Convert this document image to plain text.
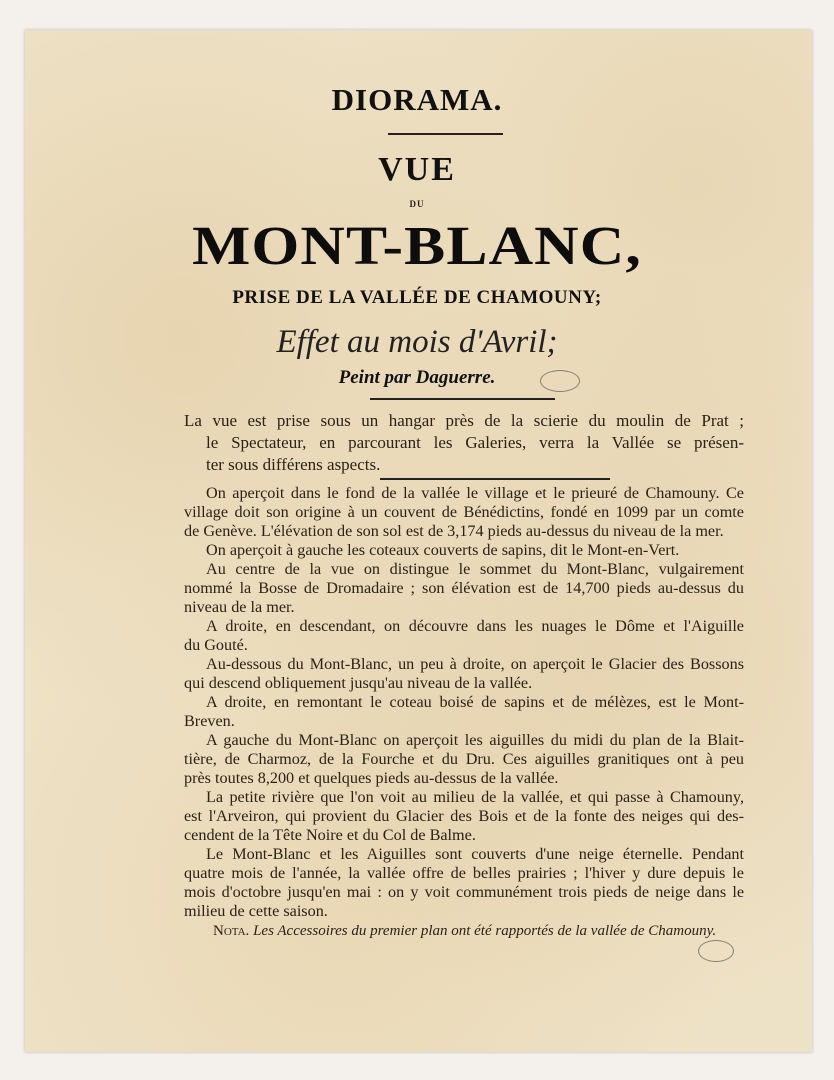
DIORAMA.
VUE
DU
MONT-BLANC,
PRISE DE LA VALLÉE DE CHAMOUNY;
Effet au mois d'Avril;
Peint par Daguerre.
La vue est prise sous un hangar près de la scierie du moulin de Prat ;
le Spectateur, en parcourant les Galeries, verra la Vallée se présen-
ter sous différens aspects.
On aperçoit dans le fond de la vallée le village et le prieuré de Chamouny. Ce
village doit son origine à un couvent de Bénédictins, fondé en 1099 par un comte
de Genève. L'élévation de son sol est de 3,174 pieds au-dessus du niveau de la mer.
On aperçoit à gauche les coteaux couverts de sapins, dit le Mont-en-Vert.
Au centre de la vue on distingue le sommet du Mont-Blanc, vulgairement
nommé la Bosse de Dromadaire ; son élévation est de 14,700 pieds au-dessus du
niveau de la mer.
A droite, en descendant, on découvre dans les nuages le Dôme et l'Aiguille
du Gouté.
Au-dessous du Mont-Blanc, un peu à droite, on aperçoit le Glacier des Bossons
qui descend obliquement jusqu'au niveau de la vallée.
A droite, en remontant le coteau boisé de sapins et de mélèzes, est le Mont-
Breven.
A gauche du Mont-Blanc on aperçoit les aiguilles du midi du plan de la Blait-
tière, de Charmoz, de la Fourche et du Dru. Ces aiguilles granitiques ont à peu
près toutes 8,200 et quelques pieds au-dessus de la vallée.
La petite rivière que l'on voit au milieu de la vallée, et qui passe à Chamouny,
est l'Arveiron, qui provient du Glacier des Bois et de la fonte des neiges qui des-
cendent de la Tête Noire et du Col de Balme.
Le Mont-Blanc et les Aiguilles sont couverts d'une neige éternelle. Pendant
quatre mois de l'année, la vallée offre de belles prairies ; l'hiver y dure depuis le
mois d'octobre jusqu'en mai : on y voit communément trois pieds de neige dans le
milieu de cette saison.
Nota. Les Accessoires du premier plan ont été rapportés de la vallée de Chamouny.
